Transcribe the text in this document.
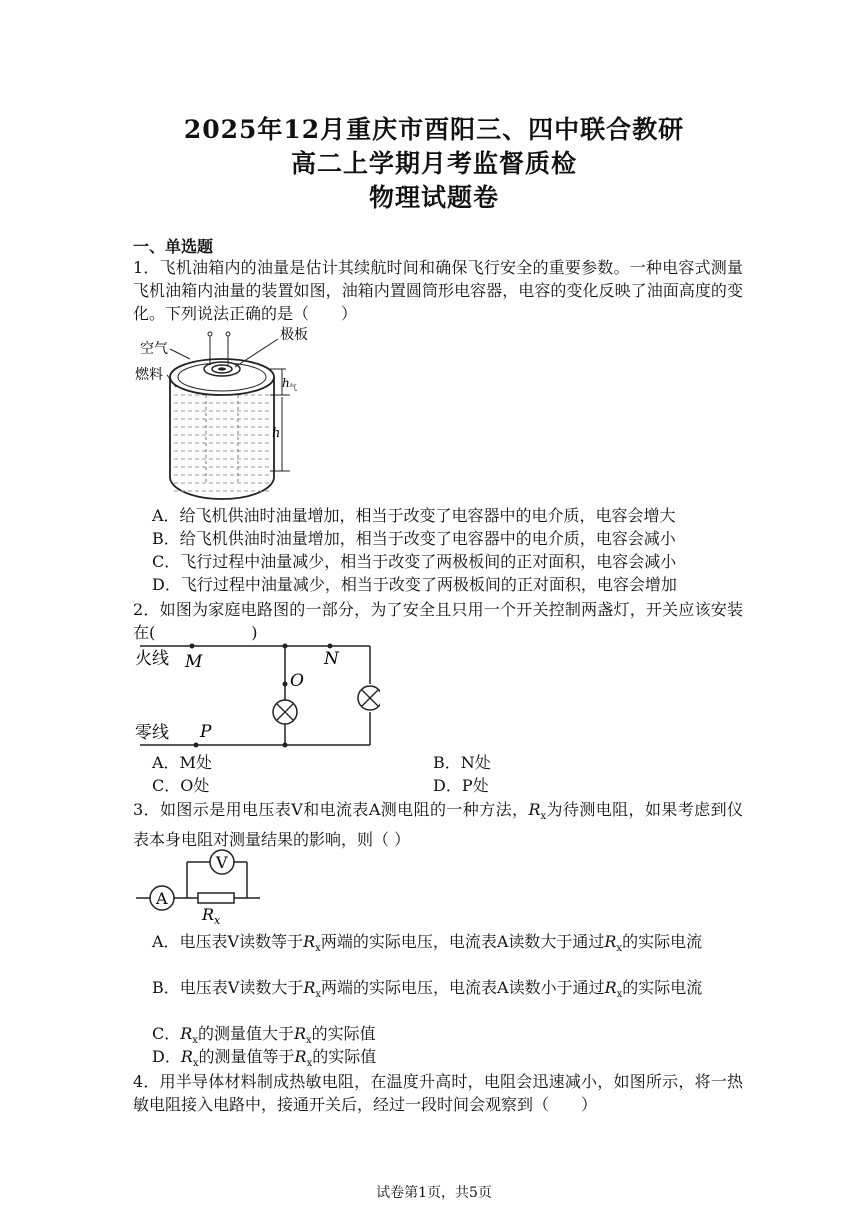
2025年12月重庆市酉阳三、四中联合教研
高二上学期月考监督质检
物理试题卷
一、单选题
1．飞机油箱内的油量是估计其续航时间和确保飞行安全的重要参数。一种电容式测量飞机油箱内油量的装置如图，油箱内置圆筒形电容器，电容的变化反映了油面高度的变化。下列说法正确的是（　　）
极板
空气
燃料	h 气
h
A．给飞机供油时油量增加，相当于改变了电容器中的电介质，电容会增大
B．给飞机供油时油量增加，相当于改变了电容器中的电介质，电容会减小
C．飞行过程中油量减少，相当于改变了两极板间的正对面积，电容会减小
D．飞行过程中油量减少，相当于改变了两极板间的正对面积，电容会增加
2．如图为家庭电路图的一部分，为了安全且只用一个开关控制两盏灯，开关应该安装在(　　　　　　)
火线 M	N
O
零线 P
A．M处	B．N处
C．O处	D．P处
3．如图示是用电压表V和电流表A测电阻的一种方法，$R_x$为待测电阻，如果考虑到仪表本身电阻对测量结果的影响，则（ ）
A
V
R x
A．电压表V读数等于$R_x$两端的实际电压，电流表A读数大于通过$R_x$的实际电流
B．电压表V读数大于$R_x$两端的实际电压，电流表A读数小于通过$R_x$的实际电流
C．$R_x$的测量值大于$R_x$的实际值
D．$R_x$的测量值等于$R_x$的实际值
4．用半导体材料制成热敏电阻，在温度升高时，电阻会迅速减小，如图所示，将一热敏电阻接入电路中，接通开关后，经过一段时间会观察到（　　）
试卷第1页，共5页
